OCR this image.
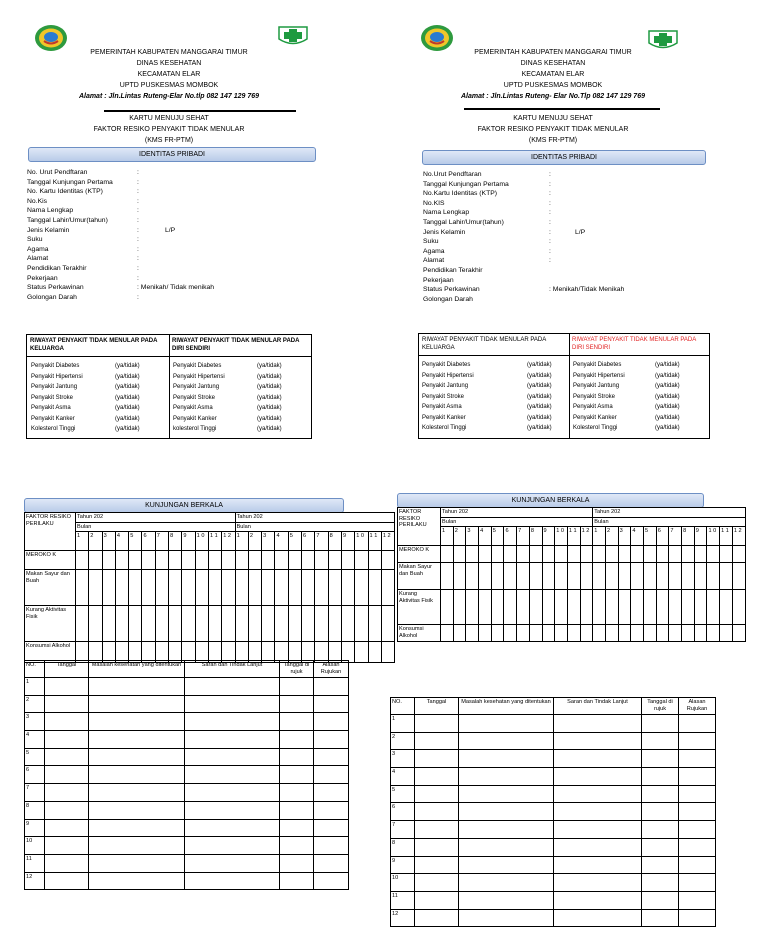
PEMERINTAH KABUPATEN MANGGARAI TIMUR
DINAS KESEHATAN
KECAMATAN ELAR
UPTD PUSKESMAS MOMBOK
Alamat : Jln.Lintas Ruteng-Elar No.tlp 082 147 129 769
KARTU MENUJU SEHAT
FAKTOR RESIKO PENYAKIT TIDAK MENULAR
(KMS FR-PTM)
IDENTITAS PRIBADI
No. Urut Pendftaran	:
Tanggal Kunjungan Pertama	:
No. Kartu Identitas (KTP)	:
No.Kis	:
Nama Lengkap	:
Tanggal Lahir/Umur(tahun)	:
Jenis Kelamin	:	L/P
Suku	:
Agama	:
Alamat	:
Pendidikan Terakhir	:
Pekerjaan	:
Status Perkawinan	: Menikah/ Tidak menikah
Golongan Darah	:
RIWAYAT PENYAKIT TIDAK MENULAR PADA KELUARGA
RIWAYAT PENYAKIT TIDAK MENULAR PADA DIRI SENDIRI
Penyakit Diabetes	(ya/tidak)	Penyakit Diabetes	(ya/tidak)
Penyakit Hipertensi	(ya/tidak)	Penyakit Hipertensi	(ya/tidak)
Penyakit Jantung	(ya/tidak)	Penyakit Jantung	(ya/tidak)
Penyakit Stroke	(ya/tidak)	Penyakit Stroke	(ya/tidak)
Penyakit Asma	(ya/tidak)	Penyakit Asma	(ya/tidak)
Penyakit Kanker	(ya/tidak)	Penyakit Kanker	(ya/tidak)
Kolesterol Tinggi	(ya/tidak)	kolesterol Tinggi	(ya/tidak)
PEMERINTAH KABUPATEN MANGGARAI TIMUR
DINAS KESEHATAN
KECAMATAN ELAR
UPTD PUSKESMAS MOMBOK
Alamat : Jln.Lintas Ruteng- Elar No.Tlp 082 147 129 769
KARTU MENUJU SEHAT
FAKTOR RESIKO PENYAKIT TIDAK MENULAR
(KMS FR-PTM)
IDENTITAS PRIBADI
No.Urut Pendftaran	:
Tanggal Kunjungan Pertama	:
No.Kartu Identitas (KTP)	:
No.KIS	:
Nama Lengkap	:
Tanggal Lahir/Umur(tahun)	:
Jenis Kelamin	:	L/P
Suku	:
Agama	:
Alamat	:
Pendidikan Terakhir
Pekerjaan
Status Perkawinan	: Menikah/Tidak Menikah
Golongan Darah
RIWAYAT PENYAKIT TIDAK MENULAR PADA KELUARGA
RIWAYAT PENYAKIT TIDAK MENULAR PADA DIRI SENDIRI
Penyakit Diabetes	(ya/tidak)	Penyakit Diabetes	(ya/tidak)
Penyakit Hipertensi	(ya/tidak)	Penyakit Hipertensi	(ya/tidak)
Penyakit Jantung	(ya/tidak)	Penyakit Jantung	(ya/tidak)
Penyakit Stroke	(ya/tidak)	Penyakit Stroke	(ya/tidak)
Penyakit Asma	(ya/tidak)	Penyakit Asma	(ya/tidak)
Penyakit Kanker	(ya/tidak)	Penyakit Kanker	(ya/tidak)
Kolesterol Tinggi	(ya/tidak)	Kolesterol Tinggi	(ya/tidak)
KUNJUNGAN BERKALA
FAKTOR RESIKO PERILAKU	Tahun 202												Tahun 202											
	Bulan												Bulan											
	1	2	3	4	5	6	7	8	9	1 0	1 1	1 2	1	2	3	4	5	6	7	8	9	1 0	1 1	1 2
MEROKO K																								
Makan Sayur dan Buah																								
Kurang Aktivitas Fisik																								
Konsumsi Alkohol																								
NO.	Tanggal	Masalah kesehatan yang ditentukan	Saran dan Tindak Lanjut	Tanggal di rujuk	Alasan Rujukan
1					
2					
3					
4					
5					
6					
7					
8					
9					
10					
11					
12					
KUNJUNGAN BERKALA
FAKTOR RESIKO PERILAKU	Tahun 202												Tahun 202											
	Bulan												Bulan											
	1	2	3	4	5	6	7	8	9	1 0	1 1	1 2	1	2	3	4	5	6	7	8	9	1 0	1 1	1 2
MEROKO K																								
Makan Sayur dan Buah																								
Kurang Aktivitas Fisik																								
Konsumsi Alkohol																								
NO.	Tanggal	Masalah kesehatan yang ditentukan	Saran dan Tindak Lanjut	Tanggal di rujuk	Alasan Rujukan
1					
2					
3					
4					
5					
6					
7					
8					
9					
10					
11					
12					
